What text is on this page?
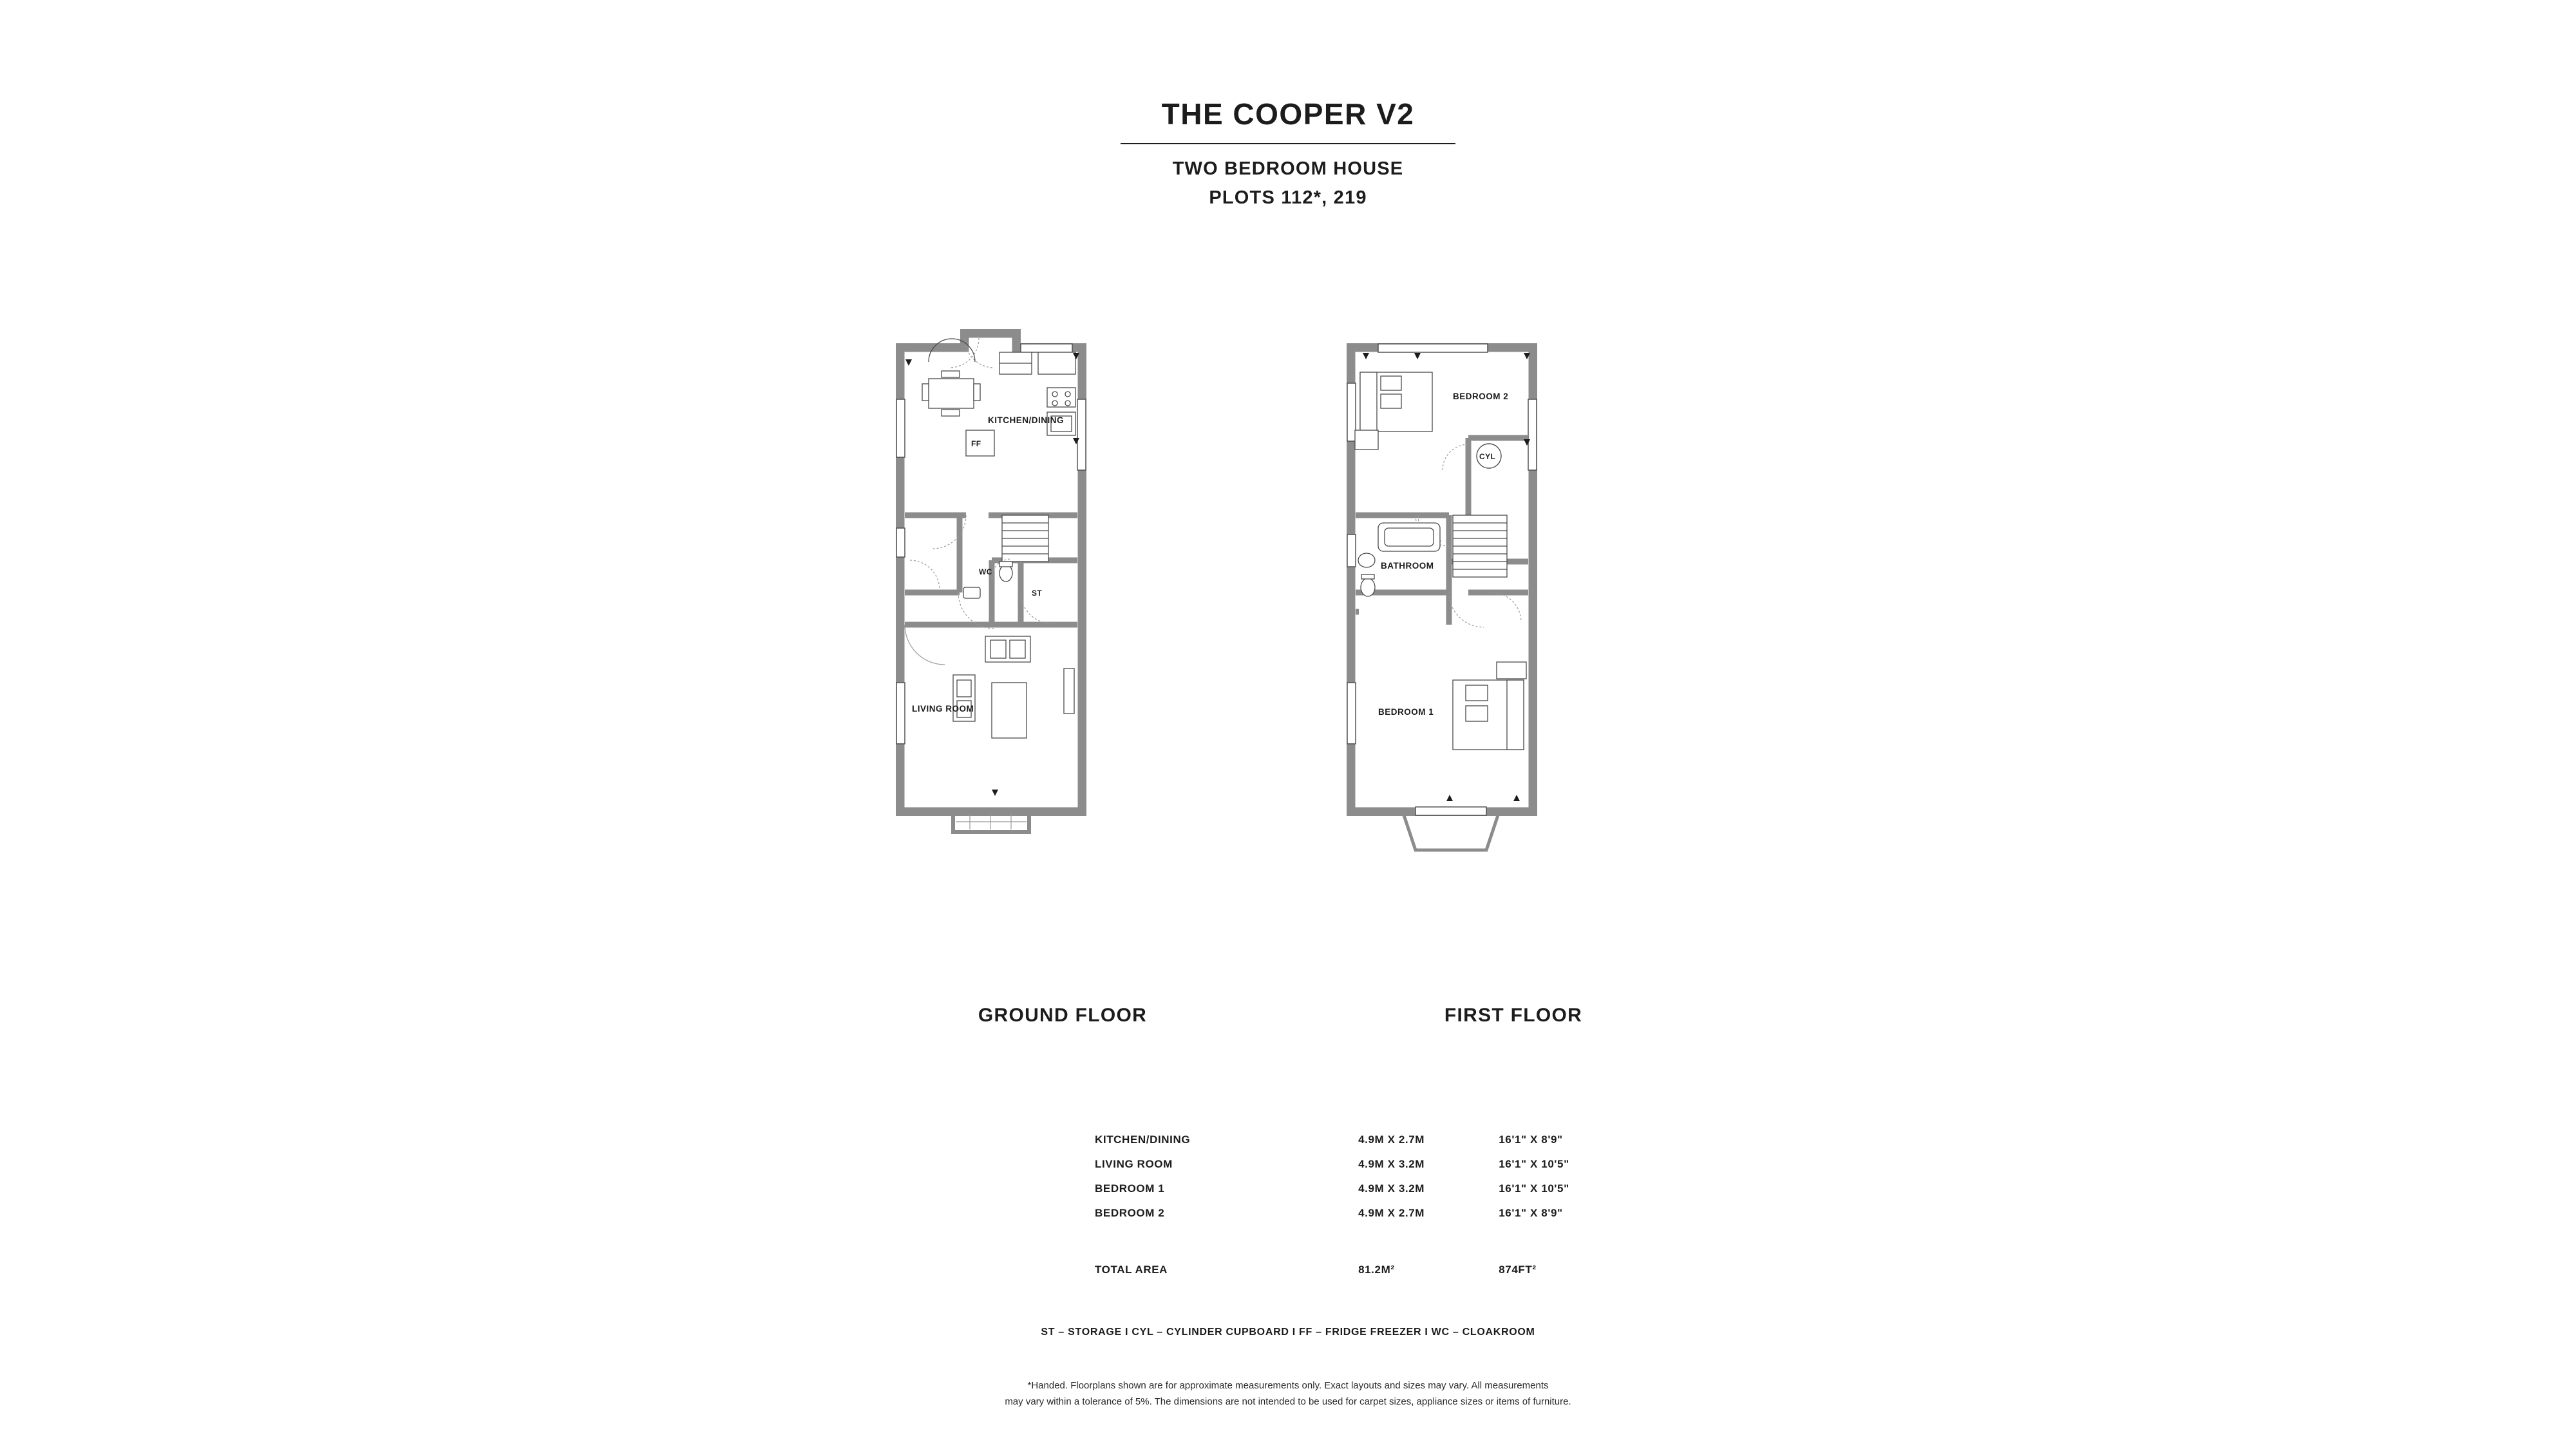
THE COOPER V2
TWO BEDROOM HOUSE
PLOTS 112*, 219
KITCHEN/DINING
FF
WC
ST
LIVING ROOM
GROUND FLOOR
BEDROOM 2
CYL
BATHROOM
BEDROOM 1
FIRST FLOOR
KITCHEN/DINING	4.9M X 2.7M	16'1" X 8'9"
LIVING ROOM	4.9M X 3.2M	16'1" X 10'5"
BEDROOM 1	4.9M X 3.2M	16'1" X 10'5"
BEDROOM 2	4.9M X 2.7M	16'1" X 8'9"
TOTAL AREA	81.2M²	874FT²
ST – STORAGE I CYL – CYLINDER CUPBOARD I FF – FRIDGE FREEZER I WC – CLOAKROOM
*Handed. Floorplans shown are for approximate measurements only. Exact layouts and sizes may vary. All measurements
may vary within a tolerance of 5%. The dimensions are not intended to be used for carpet sizes, appliance sizes or items of furniture.
